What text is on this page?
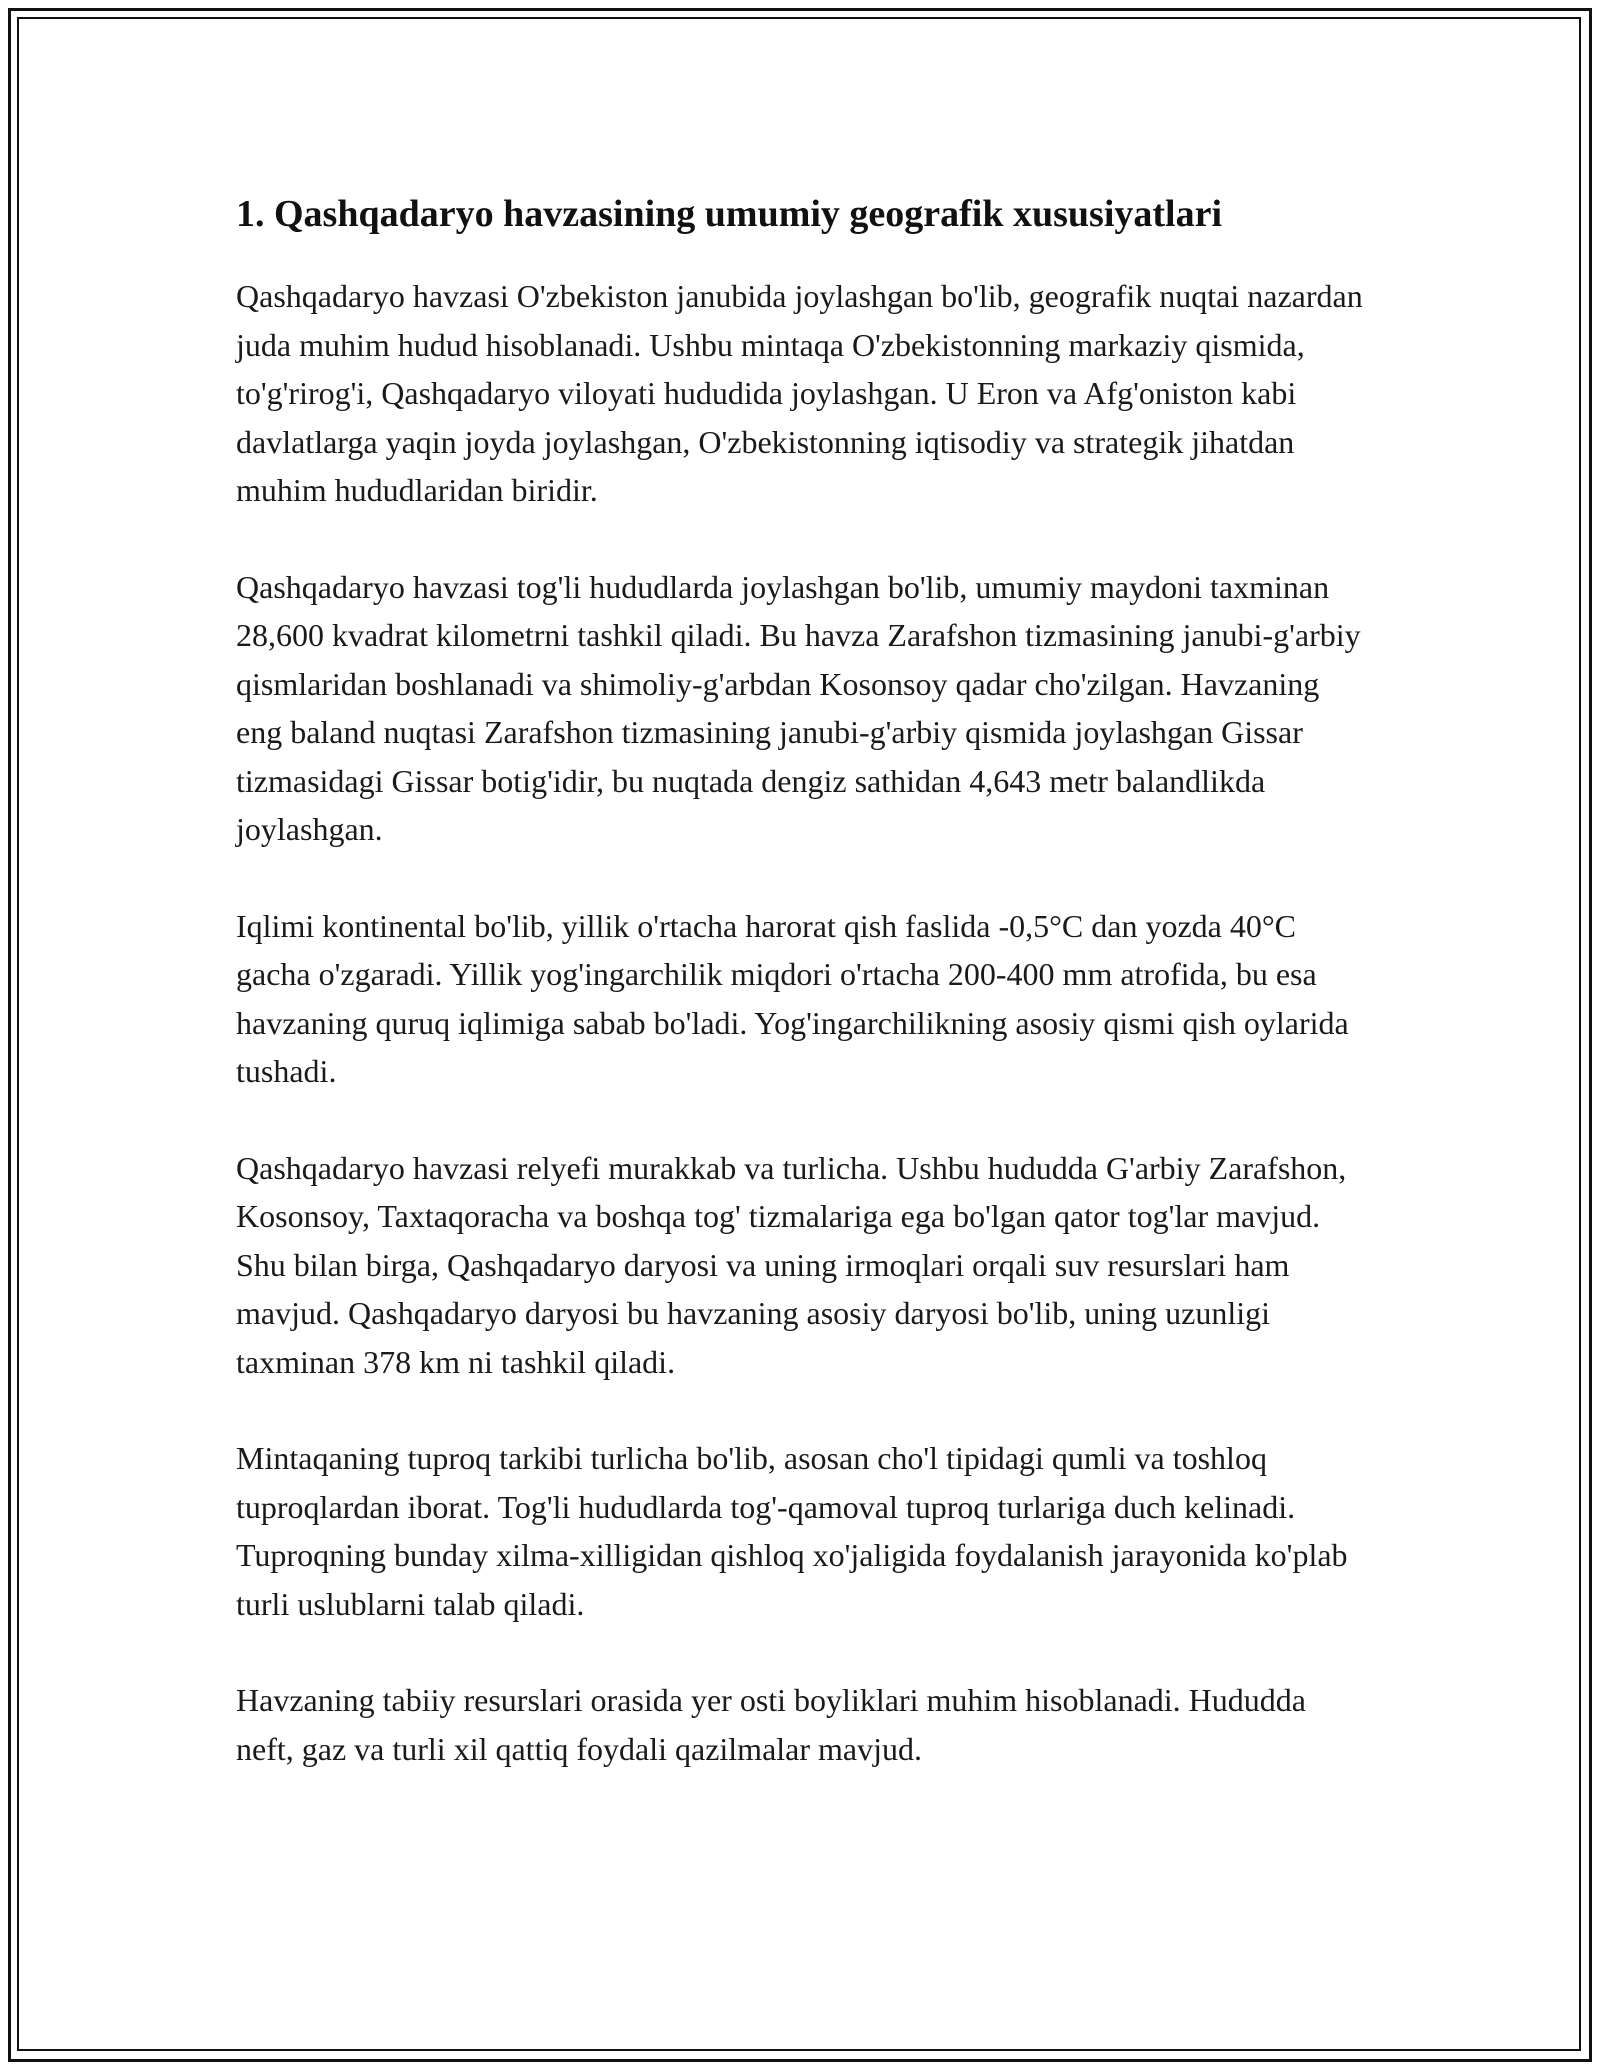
1. Qashqadaryo havzasining umumiy geografik xususiyatlari

Qashqadaryo havzasi O'zbekiston janubida joylashgan bo'lib, geografik nuqtai nazardan juda muhim hudud hisoblanadi. Ushbu mintaqa O'zbekistonning markaziy qismida, to'g'rirog'i, Qashqadaryo viloyati hududida joylashgan. U Eron va Afg'oniston kabi davlatlarga yaqin joyda joylashgan, O'zbekistonning iqtisodiy va strategik jihatdan muhim hududlaridan biridir.

Qashqadaryo havzasi tog'li hududlarda joylashgan bo'lib, umumiy maydoni taxminan 28,600 kvadrat kilometrni tashkil qiladi. Bu havza Zarafshon tizmasining janubi-g'arbiy qismlaridan boshlanadi va shimoliy-g'arbdan Kosonsoy qadar cho'zilgan. Havzaning eng baland nuqtasi Zarafshon tizmasining janubi-g'arbiy qismida joylashgan Gissar tizmasidagi Gissar botig'idir, bu nuqtada dengiz sathidan 4,643 metr balandlikda joylashgan.

Iqlimi kontinental bo'lib, yillik o'rtacha harorat qish faslida -0,5°C dan yozda 40°C gacha o'zgaradi. Yillik yog'ingarchilik miqdori o'rtacha 200-400 mm atrofida, bu esa havzaning quruq iqlimiga sabab bo'ladi. Yog'ingarchilikning asosiy qismi qish oylarida tushadi.

Qashqadaryo havzasi relyefi murakkab va turlicha. Ushbu hududda G'arbiy Zarafshon, Kosonsoy, Taxtaqoracha va boshqa tog' tizmalariga ega bo'lgan qator tog'lar mavjud. Shu bilan birga, Qashqadaryo daryosi va uning irmoqlari orqali suv resurslari ham mavjud. Qashqadaryo daryosi bu havzaning asosiy daryosi bo'lib, uning uzunligi taxminan 378 km ni tashkil qiladi.

Mintaqaning tuproq tarkibi turlicha bo'lib, asosan cho'l tipidagi qumli va toshloq tuproqlardan iborat. Tog'li hududlarda tog'-qamoval tuproq turlariga duch kelinadi. Tuproqning bunday xilma-xilligidan qishloq xo'jaligida foydalanish jarayonida ko'plab turli uslublarni talab qiladi.

Havzaning tabiiy resurslari orasida yer osti boyliklari muhim hisoblanadi. Hududda neft, gaz va turli xil qattiq foydali qazilmalar mavjud.
